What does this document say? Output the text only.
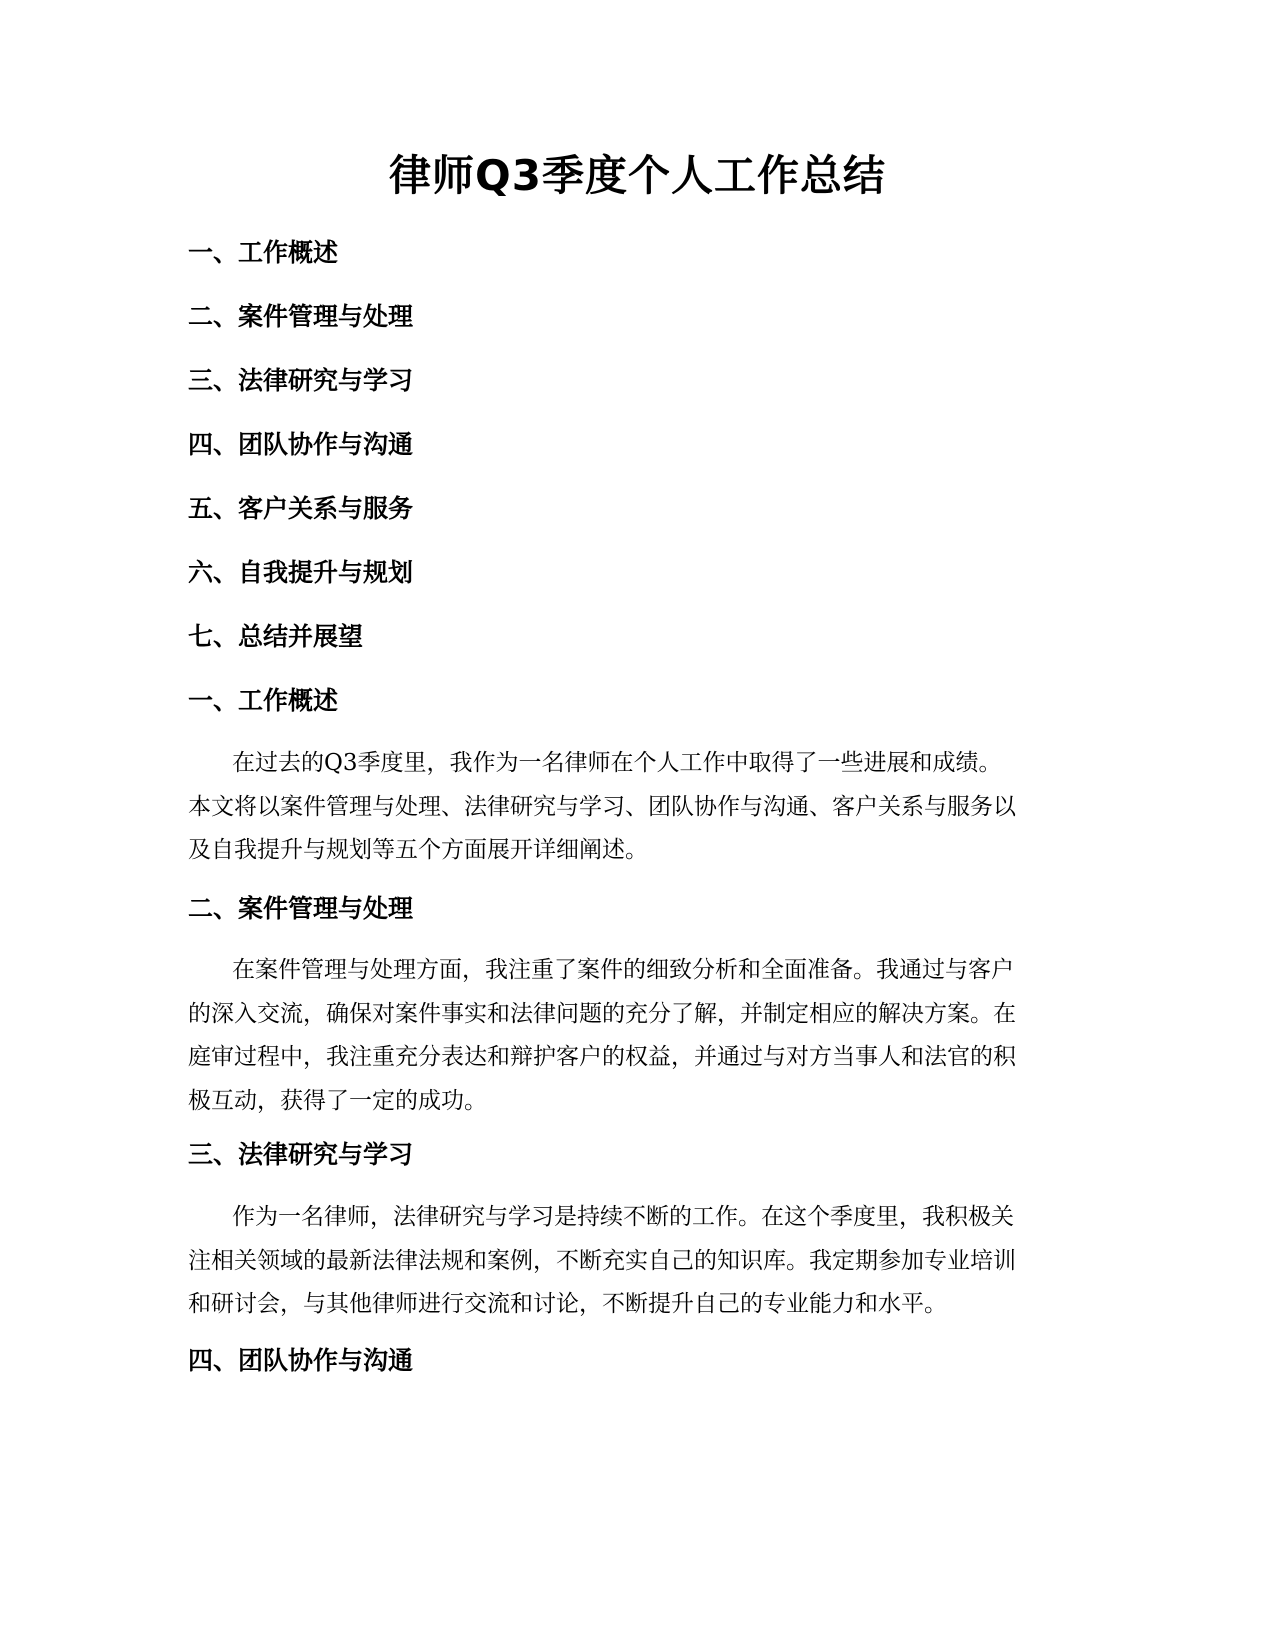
律师Q3季度个人工作总结
一、工作概述
二、案件管理与处理
三、法律研究与学习
四、团队协作与沟通
五、客户关系与服务
六、自我提升与规划
七、总结并展望
一、工作概述
在过去的Q3季度里，我作为一名律师在个人工作中取得了一些进展和成绩。
本文将以案件管理与处理、法律研究与学习、团队协作与沟通、客户关系与服务以
及自我提升与规划等五个方面展开详细阐述。
二、案件管理与处理
在案件管理与处理方面，我注重了案件的细致分析和全面准备。我通过与客户
的深入交流，确保对案件事实和法律问题的充分了解，并制定相应的解决方案。在
庭审过程中，我注重充分表达和辩护客户的权益，并通过与对方当事人和法官的积
极互动，获得了一定的成功。
三、法律研究与学习
作为一名律师，法律研究与学习是持续不断的工作。在这个季度里，我积极关
注相关领域的最新法律法规和案例，不断充实自己的知识库。我定期参加专业培训
和研讨会，与其他律师进行交流和讨论，不断提升自己的专业能力和水平。
四、团队协作与沟通
